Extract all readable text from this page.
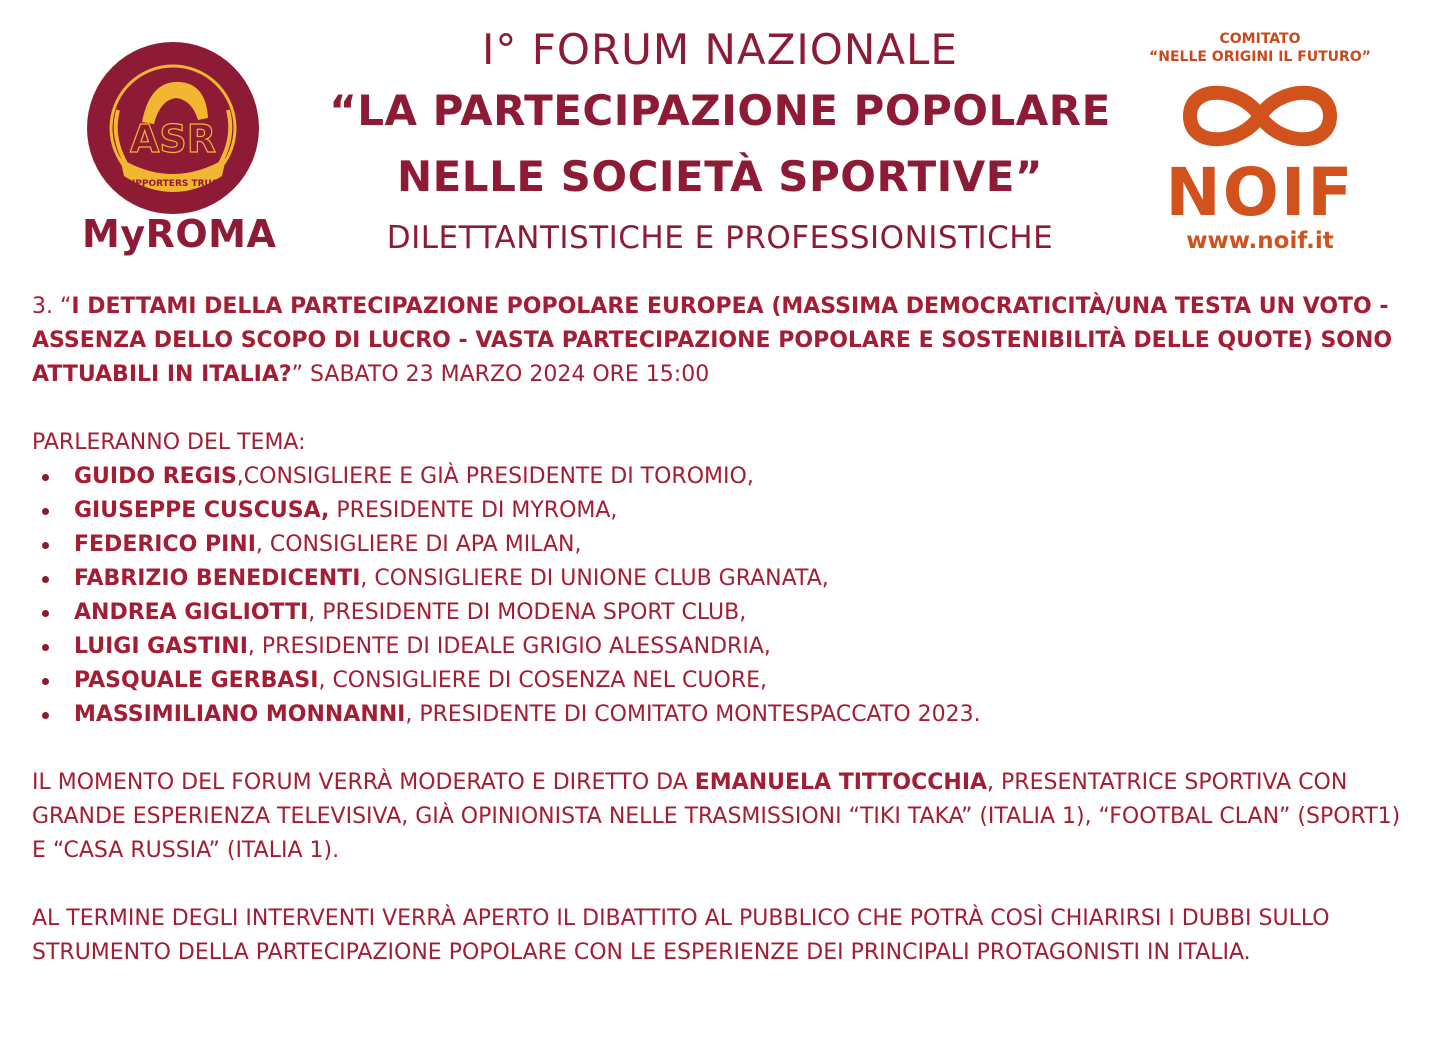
ASR
SUPPORTERS TRUST
MyROMA
I° FORUM NAZIONALE
“LA PARTECIPAZIONE POPOLARE
NELLE SOCIETÀ SPORTIVE”
DILETTANTISTICHE E PROFESSIONISTICHE
COMITATO
“NELLE ORIGINI IL FUTURO”
NOIF
www.noif.it

3. “I DETTAMI DELLA PARTECIPAZIONE POPOLARE EUROPEA (MASSIMA DEMOCRATICITÀ/UNA TESTA UN VOTO - ASSENZA DELLO SCOPO DI LUCRO - VASTA PARTECIPAZIONE POPOLARE E SOSTENIBILITÀ DELLE QUOTE) SONO ATTUABILI IN ITALIA?” SABATO 23 MARZO 2024 ORE 15:00

PARLERANNO DEL TEMA:

GUIDO REGIS,CONSIGLIERE E GIÀ PRESIDENTE DI TOROMIO,
GIUSEPPE CUSCUSA, PRESIDENTE DI MYROMA,
FEDERICO PINI, CONSIGLIERE DI APA MILAN,
FABRIZIO BENEDICENTI, CONSIGLIERE DI UNIONE CLUB GRANATA,
ANDREA GIGLIOTTI, PRESIDENTE DI MODENA SPORT CLUB,
LUIGI GASTINI, PRESIDENTE DI IDEALE GRIGIO ALESSANDRIA,
PASQUALE GERBASI, CONSIGLIERE DI COSENZA NEL CUORE,
MASSIMILIANO MONNANNI, PRESIDENTE DI COMITATO MONTESPACCATO 2023.

IL MOMENTO DEL FORUM VERRÀ MODERATO E DIRETTO DA EMANUELA TITTOCCHIA, PRESENTATRICE SPORTIVA CON GRANDE ESPERIENZA TELEVISIVA, GIÀ OPINIONISTA NELLE TRASMISSIONI “TIKI TAKA” (ITALIA 1), “FOOTBAL CLAN” (SPORT1) E “CASA RUSSIA” (ITALIA 1).

AL TERMINE DEGLI INTERVENTI VERRÀ APERTO IL DIBATTITO AL PUBBLICO CHE POTRÀ COSÌ CHIARIRSI I DUBBI SULLO STRUMENTO DELLA PARTECIPAZIONE POPOLARE CON LE ESPERIENZE DEI PRINCIPALI PROTAGONISTI IN ITALIA.
